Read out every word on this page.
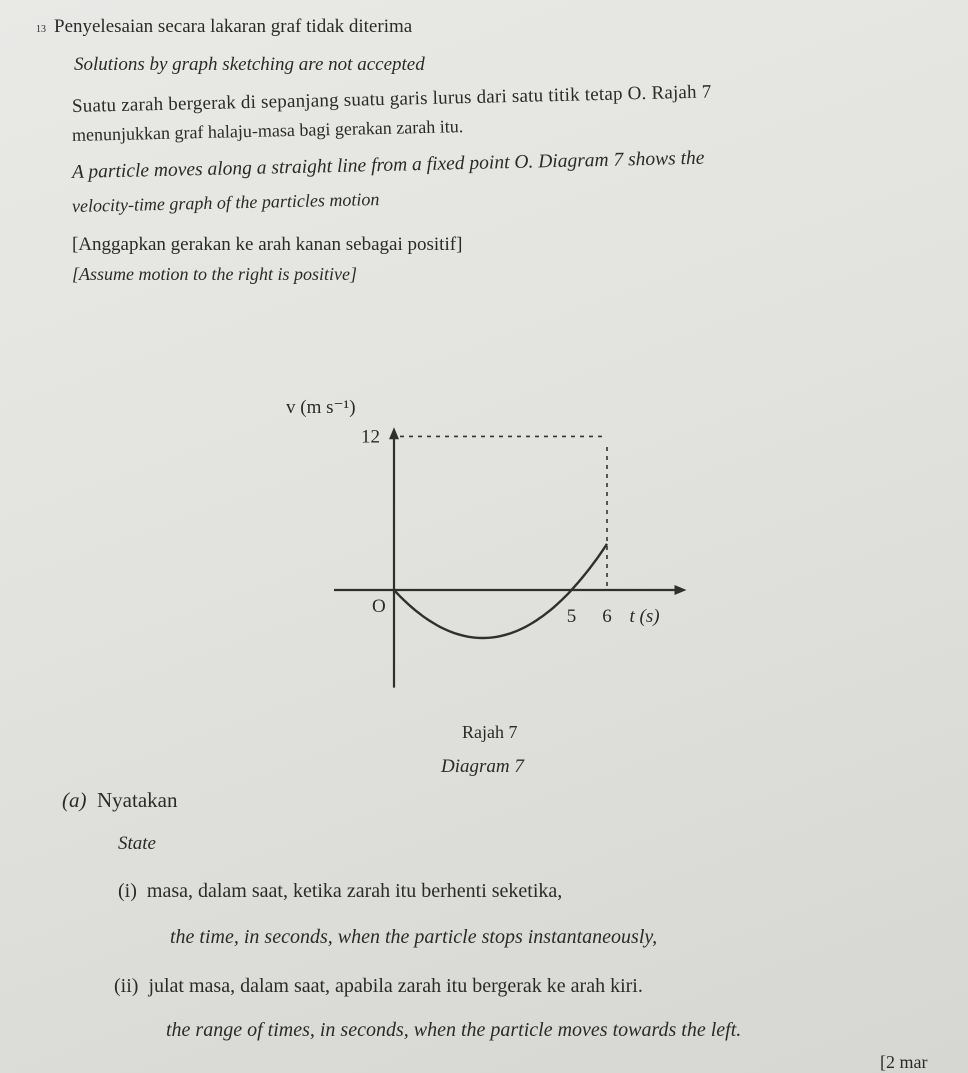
13 Penyelesaian secara lakaran graf tidak diterima
Solutions by graph sketching are not accepted
Suatu zarah bergerak di sepanjang suatu garis lurus dari satu titik tetap O. Rajah 7
menunjukkan graf halaju-masa bagi gerakan zarah itu.
A particle moves along a straight line from a fixed point O. Diagram 7 shows the
velocity-time graph of the particles motion
[Anggapkan gerakan ke arah kanan sebagai positif]
[Assume motion to the right is positive]
v (m s⁻¹)
t (s)
O
12
5 6
Rajah 7
Diagram 7
(a) Nyatakan
State
(i) masa, dalam saat, ketika zarah itu berhenti seketika,
the time, in seconds, when the particle stops instantaneously,
(ii) julat masa, dalam saat, apabila zarah itu bergerak ke arah kiri.
the range of times, in seconds, when the particle moves towards the left.
[2 mar
